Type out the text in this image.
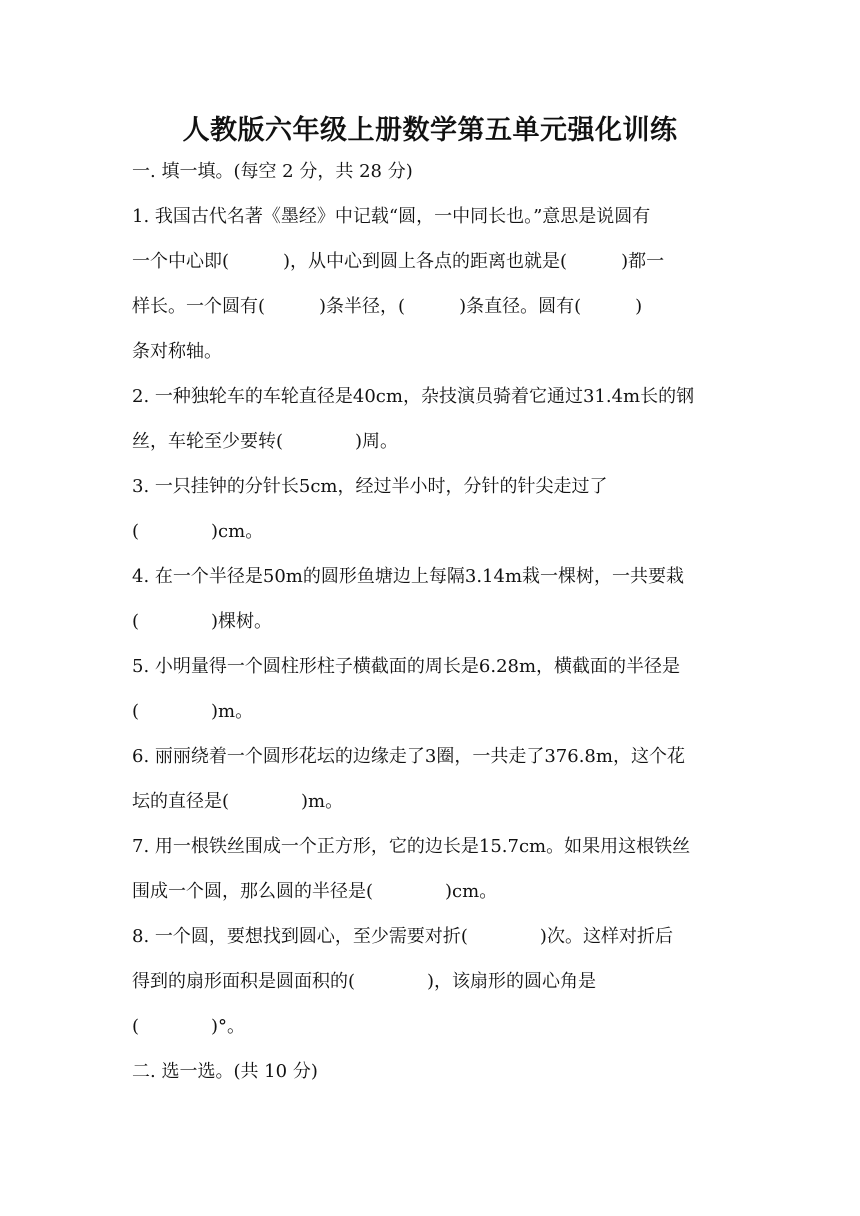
人教版六年级上册数学第五单元强化训练
一. 填一填。(每空 2 分，共 28 分)
1. 我国古代名著《墨经》中记载“圆，一中同长也。”意思是说圆有
一个中心即(　　　)，从中心到圆上各点的距离也就是(　　　)都一
样长。一个圆有(　　　)条半径，(　　　)条直径。圆有(　　　)
条对称轴。
2. 一种独轮车的车轮直径是40cm，杂技演员骑着它通过31.4m长的钢
丝，车轮至少要转(　　　　)周。
3. 一只挂钟的分针长5cm，经过半小时，分针的针尖走过了
(　　　　)cm。
4. 在一个半径是50m的圆形鱼塘边上每隔3.14m栽一棵树，一共要栽
(　　　　)棵树。
5. 小明量得一个圆柱形柱子横截面的周长是6.28m，横截面的半径是
(　　　　)m。
6. 丽丽绕着一个圆形花坛的边缘走了3圈，一共走了376.8m，这个花
坛的直径是(　　　　)m。
7. 用一根铁丝围成一个正方形，它的边长是15.7cm。如果用这根铁丝
围成一个圆，那么圆的半径是(　　　　)cm。
8. 一个圆，要想找到圆心，至少需要对折(　　　　)次。这样对折后
得到的扇形面积是圆面积的(　　　　)，该扇形的圆心角是
(　　　　)°。
二. 选一选。(共 10 分)
